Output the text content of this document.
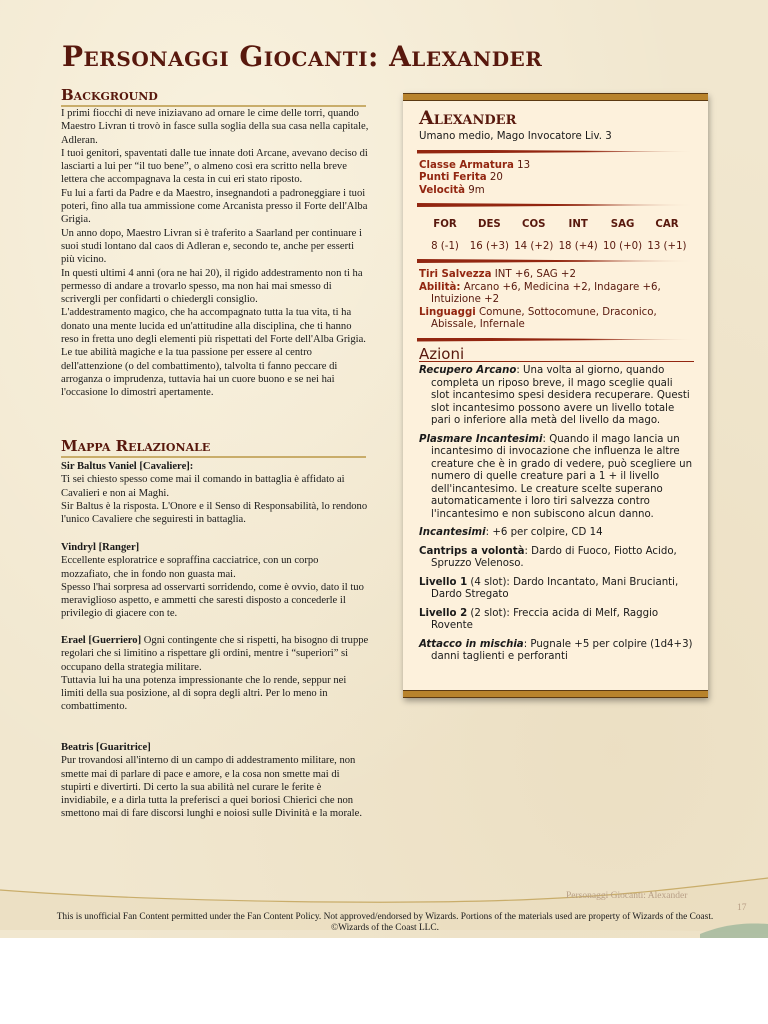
Personaggi Giocanti: Alexander
Background

I primi fiocchi di neve iniziavano ad ornare le cime delle torri, quando Maestro Livran ti trovò in fasce sulla soglia della sua casa nella capitale, Adleran.

I tuoi genitori, spaventati dalle tue innate doti Arcane, avevano deciso di lasciarti a lui per “il tuo bene”, o almeno così era scritto nella breve lettera che accompagnava la cesta in cui eri stato riposto.

Fu lui a farti da Padre e da Maestro, insegnandoti a padroneggiare i tuoi poteri, fino alla tua ammissione come Arcanista presso il Forte dell'Alba Grigia.

Un anno dopo, Maestro Livran si è traferito a Saarland per continuare i suoi studi lontano dal caos di Adleran e, secondo te, anche per esserti più vicino.

In questi ultimi 4 anni (ora ne hai 20), il rigido addestramento non ti ha permesso di andare a trovarlo spesso, ma non hai mai smesso di scrivergli per confidarti o chiedergli consiglio.

L'addestramento magico, che ha accompagnato tutta la tua vita, ti ha donato una mente lucida ed un'attitudine alla disciplina, che ti hanno reso in fretta uno degli elementi più rispettati del Forte dell'Alba Grigia.

Le tue abilità magiche e la tua passione per essere al centro dell'attenzione (o del combattimento), talvolta ti fanno peccare di arroganza o imprudenza, tuttavia hai un cuore buono e se nei hai l'occasione lo dimostri apertamente.

Mappa Relazionale

Sir Baltus Vaniel [Cavaliere]:

Ti sei chiesto spesso come mai il comando in battaglia è affidato ai Cavalieri e non ai Maghi.

Sir Baltus è la risposta. L'Onore e il Senso di Responsabilità, lo rendono l'unico Cavaliere che seguiresti in battaglia.

Vindryl [Ranger]

Eccellente esploratrice e sopraffina cacciatrice, con un corpo mozzafiato, che in fondo non guasta mai.

Spesso l'hai sorpresa ad osservarti sorridendo, come è ovvio, dato il tuo meraviglioso aspetto, e ammetti che saresti disposto a concederle il privilegio di giacere con te.

Erael [Guerriero] Ogni contingente che si rispetti, ha bisogno di truppe regolari che si limitino a rispettare gli ordini, mentre i “superiori” si occupano della strategia militare.

Tuttavia lui ha una potenza impressionante che lo rende, seppur nei limiti della sua posizione, al di sopra degli altri. Per lo meno in combattimento.

Beatris [Guaritrice]

Pur trovandosi all'interno di un campo di addestramento militare, non smette mai di parlare di pace e amore, e la cosa non smette mai di stupirti e divertirti. Di certo la sua abilità nel curare le ferite è invidiabile, e a dirla tutta la preferisci a quei boriosi Chierici che non smettono mai di fare discorsi lunghi e noiosi sulle Divinità e la morale.

Alexander

Umano medio, Mago Invocatore Liv. 3

Classe Armatura 13

Punti Ferita 20

Velocità 9m

FOR
8 (-1)
DES
16 (+3)
COS
14 (+2)
INT
18 (+4)
SAG
10 (+0)
CAR
13 (+1)

Tiri Salvezza INT +6, SAG +2

Abilità: Arcano +6, Medicina +2, Indagare +6, Intuizione +2

Linguaggi Comune, Sottocomune, Draconico, Abissale, Infernale

Azioni

Recupero Arcano: Una volta al giorno, quando completa un riposo breve, il mago sceglie quali slot incantesimo spesi desidera recuperare. Questi slot incantesimo possono avere un livello totale pari o inferiore alla metà del livello da mago.

Plasmare Incantesimi: Quando il mago lancia un incantesimo di invocazione che influenza le altre creature che è in grado di vedere, può scegliere un numero di quelle creature pari a 1 + il livello dell'incantesimo. Le creature scelte superano automaticamente i loro tiri salvezza contro l'incantesimo e non subiscono alcun danno.

Incantesimi: +6 per colpire, CD 14

Cantrips a volontà: Dardo di Fuoco, Fiotto Acido, Spruzzo Velenoso.

Livello 1 (4 slot): Dardo Incantato, Mani Brucianti, Dardo Stregato

Livello 2 (2 slot): Freccia acida di Melf, Raggio Rovente

Attacco in mischia: Pugnale +5 per colpire (1d4+3) danni taglienti e perforanti

Personaggi Giocanti: Alexander
17
This is unofficial Fan Content permitted under the Fan Content Policy. Not approved/endorsed by Wizards. Portions of the materials used are property of Wizards of the Coast. ©Wizards of the Coast LLC.
